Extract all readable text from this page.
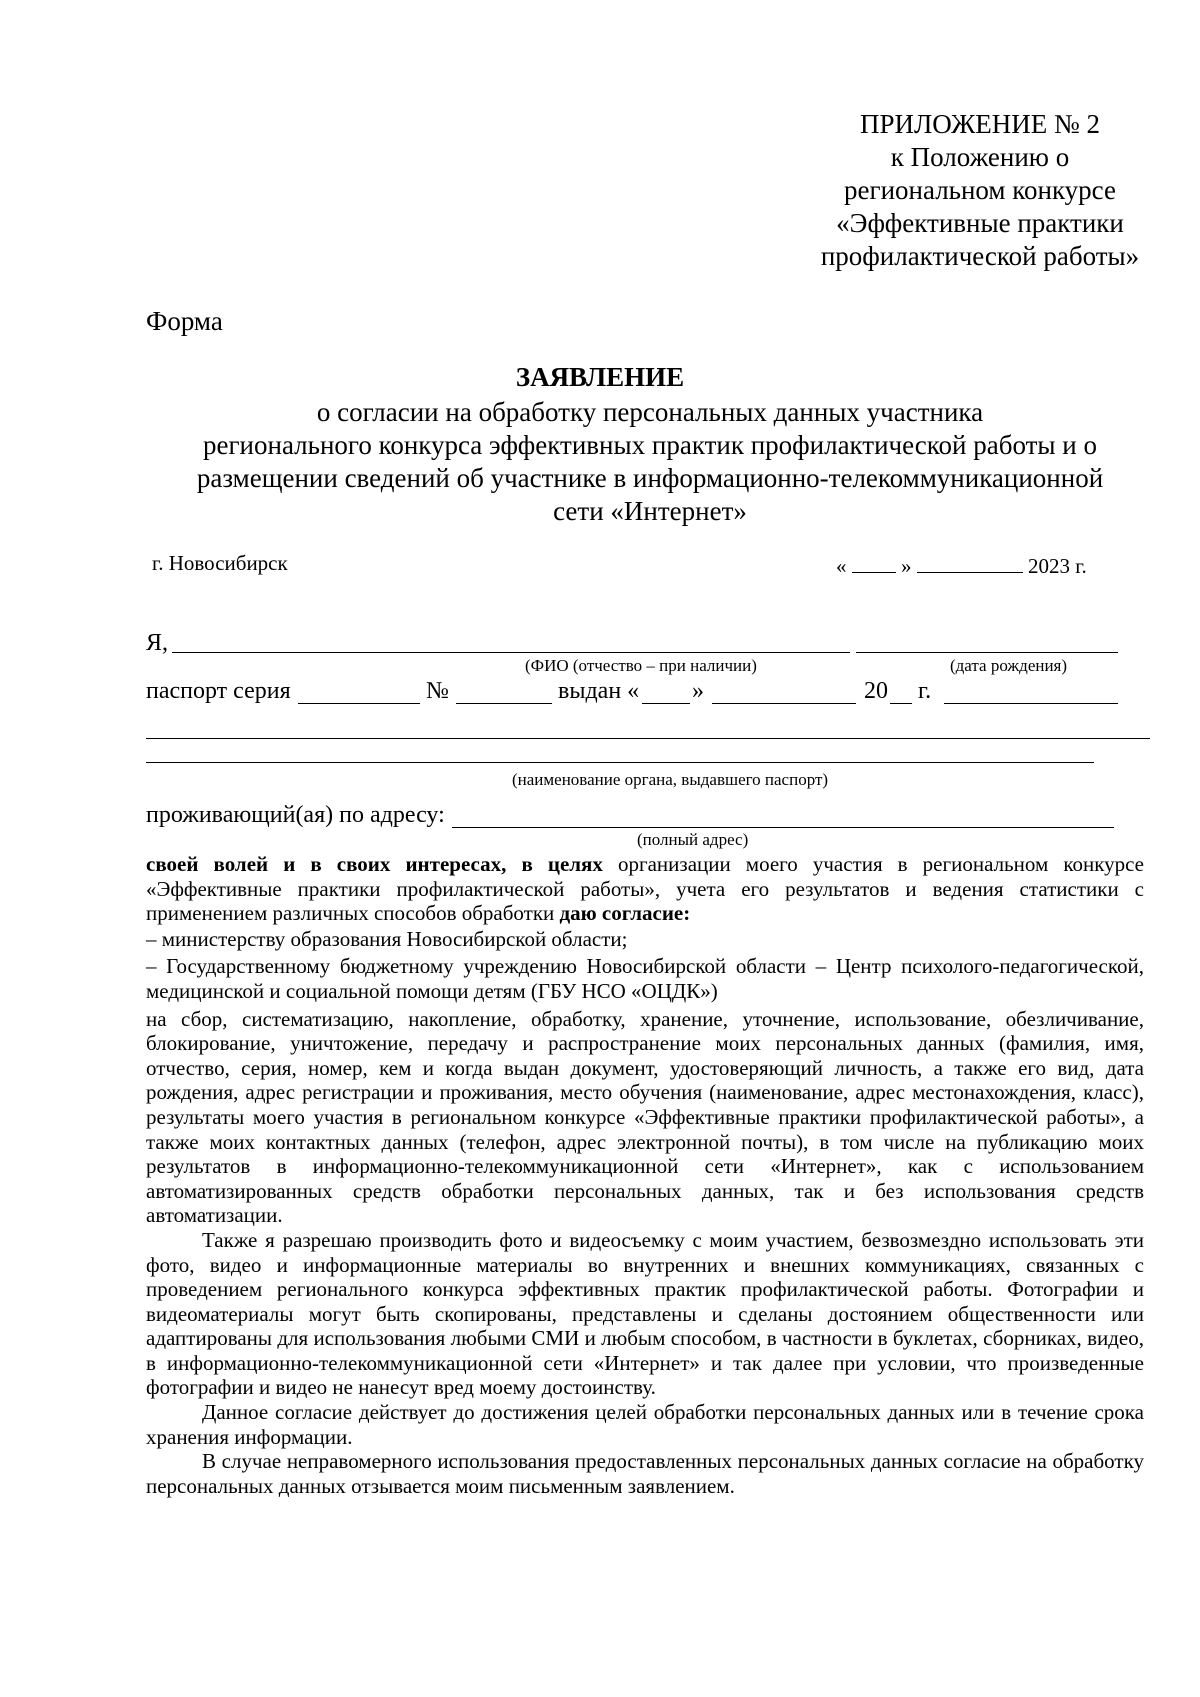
ПРИЛОЖЕНИЕ № 2
к Положению о
региональном конкурсе
«Эффективные практики
профилактической работы»
Форма
ЗАЯВЛЕНИЕ
о согласии на обработку персональных данных участника
регионального конкурса эффективных практик профилактической работы и о
размещении сведений об участнике в информационно-телекоммуникационной
сети «Интернет»
г. Новосибирск	«	»	2023 г.
Я,
(ФИО (отчество – при наличии)	(дата рождения)
паспорт серия	№	выдан « »	20 г.
(наименование органа, выдавшего паспорт)
проживающий(ая) по адресу:
(полный адрес)

своей волей и в своих интересах, в целях организации моего участия в региональном конкурсе «Эффективные практики профилактической работы», учета его результатов и ведения статистики с применением различных способов обработки даю согласие:

– министерству образования Новосибирской области;

– Государственному бюджетному учреждению Новосибирской области – Центр психолого-педагогической, медицинской и социальной помощи детям (ГБУ НСО «ОЦДК»)

на сбор, систематизацию, накопление, обработку, хранение, уточнение, использование, обезличивание, блокирование, уничтожение, передачу и распространение моих персональных данных (фамилия, имя, отчество, серия, номер, кем и когда выдан документ, удостоверяющий личность, а также его вид, дата рождения, адрес регистрации и проживания, место обучения (наименование, адрес местонахождения, класс), результаты моего участия в региональном конкурсе «Эффективные практики профилактической работы», а также моих контактных данных (телефон, адрес электронной почты), в том числе на публикацию моих результатов в информационно-телекоммуникационной сети «Интернет», как с использованием автоматизированных средств обработки персональных данных, так и без использования средств автоматизации.

Также я разрешаю производить фото и видеосъемку с моим участием, безвозмездно использовать эти фото, видео и информационные материалы во внутренних и внешних коммуникациях, связанных с проведением регионального конкурса эффективных практик профилактической работы. Фотографии и видеоматериалы могут быть скопированы, представлены и сделаны достоянием общественности или адаптированы для использования любыми СМИ и любым способом, в частности в буклетах, сборниках, видео, в информационно-телекоммуникационной сети «Интернет» и так далее при условии, что произведенные фотографии и видео не нанесут вред моему достоинству.

Данное согласие действует до достижения целей обработки персональных данных или в течение срока хранения информации.

В случае неправомерного использования предоставленных персональных данных согласие на обработку персональных данных отзывается моим письменным заявлением.
